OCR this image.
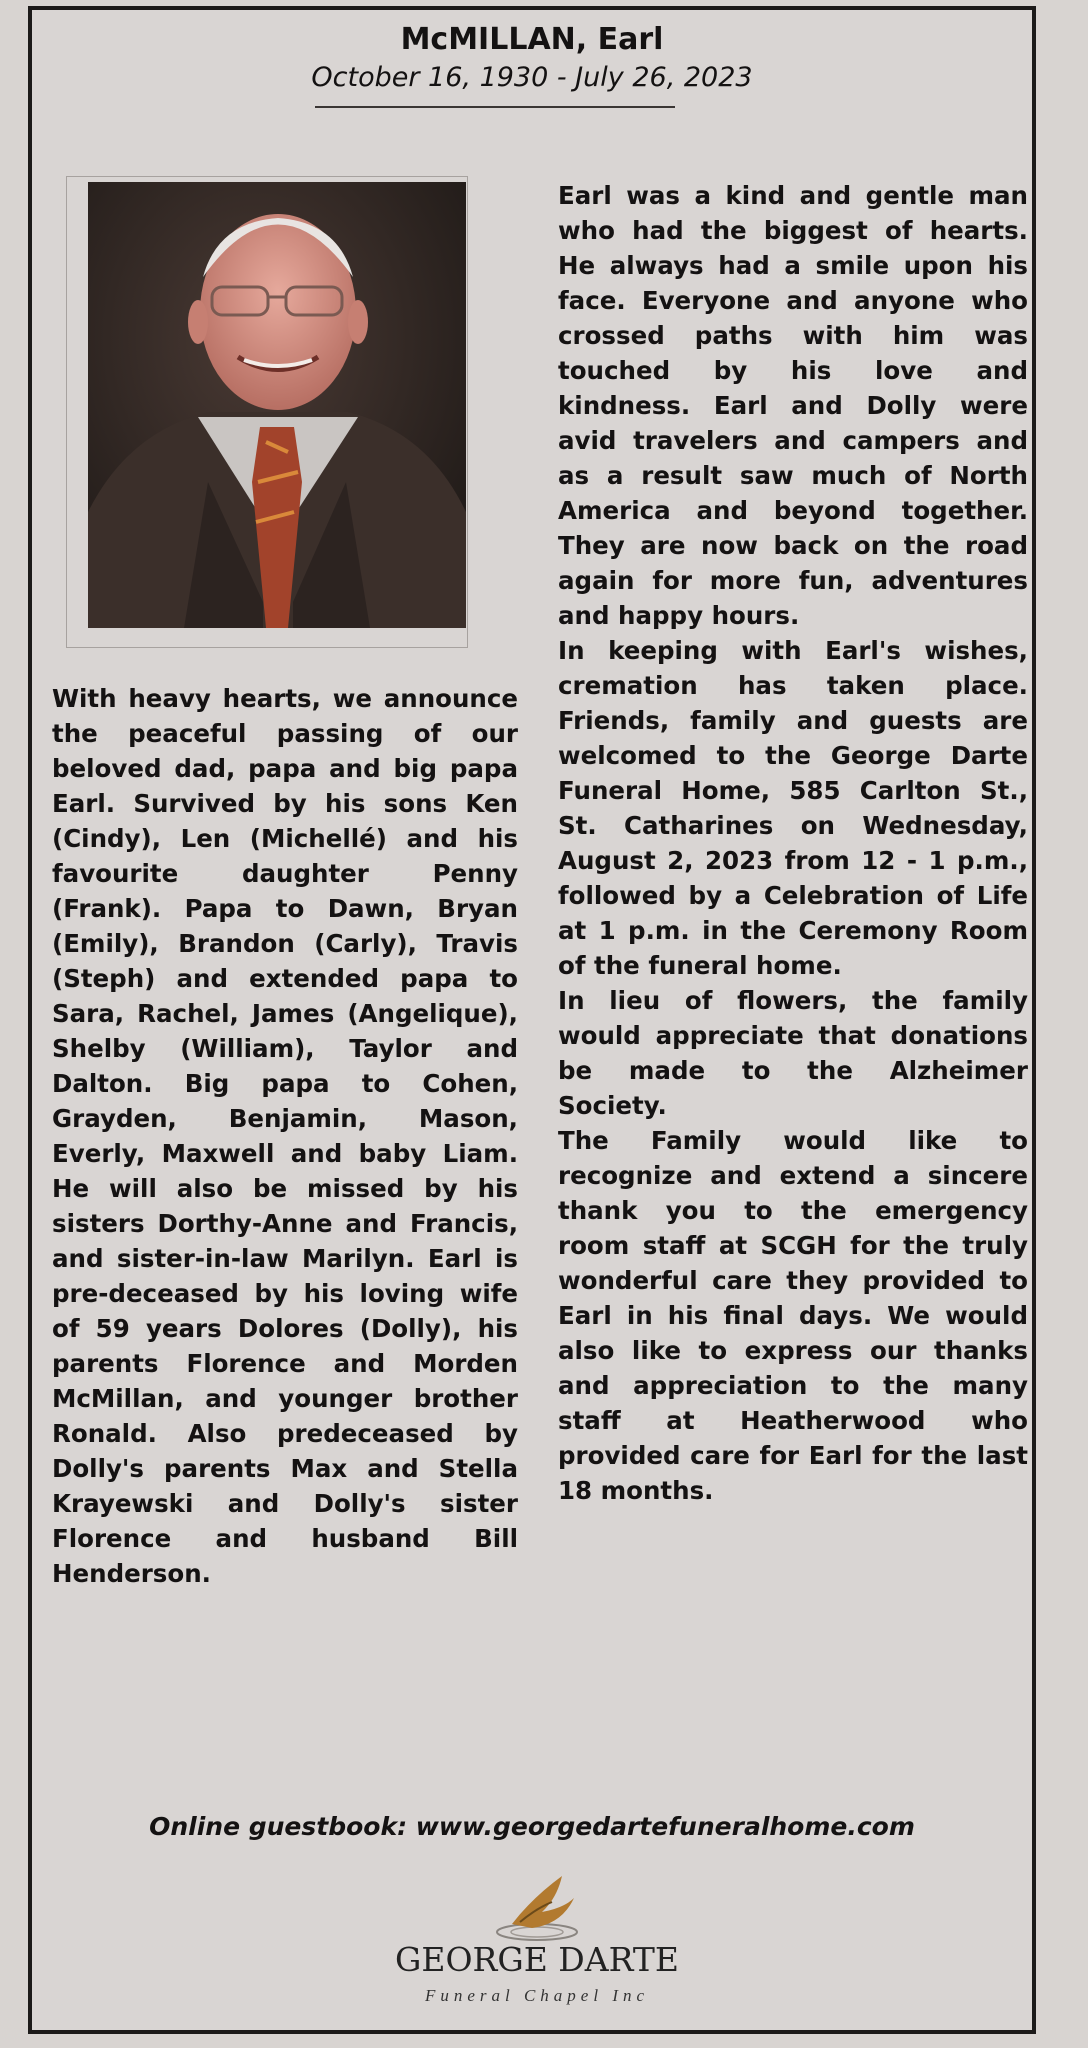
McMILLAN, Earl
October 16, 1930 - July 26, 2023

With heavy hearts, we announce the peaceful passing of our beloved dad, papa and big papa Earl. Survived by his sons Ken (Cindy), Len (Michellé) and his favourite daughter Penny (Frank). Papa to Dawn, Bryan (Emily), Brandon (Carly), Travis (Steph) and extended papa to Sara, Rachel, James (Angelique), Shelby (William), Taylor and Dalton. Big papa to Cohen, Grayden, Benjamin, Mason, Everly, Maxwell and baby Liam. He will also be missed by his sisters Dorthy-Anne and Francis, and sister-in-law Marilyn. Earl is pre-deceased by his loving wife of 59 years Dolores (Dolly), his parents Florence and Morden McMillan, and younger brother Ronald. Also predeceased by Dolly's parents Max and Stella Krayewski and Dolly's sister Florence and husband Bill Henderson.

Earl was a kind and gentle man who had the biggest of hearts. He always had a smile upon his face. Everyone and anyone who crossed paths with him was touched by his love and kindness. Earl and Dolly were avid travelers and campers and as a result saw much of North America and beyond together. They are now back on the road again for more fun, adventures and happy hours.

In keeping with Earl's wishes, cremation has taken place. Friends, family and guests are welcomed to the George Darte Funeral Home, 585 Carlton St., St. Catharines on Wednesday, August 2, 2023 from 12 - 1 p.m., followed by a Celebration of Life at 1 p.m. in the Ceremony Room of the funeral home.

In lieu of flowers, the family would appreciate that donations be made to the Alzheimer Society.

The Family would like to recognize and extend a sincere thank you to the emergency room staff at SCGH for the truly wonderful care they provided to Earl in his final days. We would also like to express our thanks and appreciation to the many staff at Heatherwood who provided care for Earl for the last 18 months.

Online guestbook: www.georgedartefuneralhome.com
GEORGE DARTE
Funeral Chapel Inc
